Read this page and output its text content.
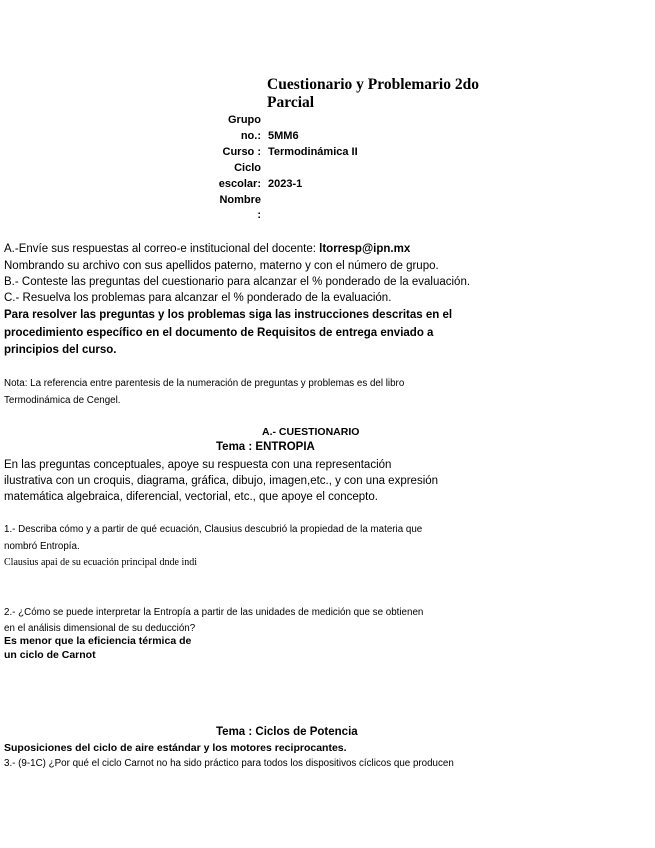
Cuestionario y Problemario 2do Parcial
Grupo
no.: 5MM6
Curso : Termodinámica II
Ciclo
escolar: 2023-1
Nombre
:
A.-Envíe sus respuestas al correo-e institucional del docente: ltorresp@ipn.mx
Nombrando su archivo con sus apellidos paterno, materno y con el número de grupo.
B.- Conteste las preguntas del cuestionario para alcanzar el % ponderado de la evaluación.
C.- Resuelva los problemas para alcanzar el % ponderado de la evaluación.
Para resolver las preguntas y los problemas siga las instrucciones descritas en el
procedimiento específico en el documento de Requisitos de entrega enviado a
principios del curso.
Nota: La referencia entre parentesis de la numeración de preguntas y problemas es del libro
Termodinámica de Cengel.
A.- CUESTIONARIO
Tema : ENTROPIA
En las preguntas conceptuales, apoye su respuesta con una representación
ilustrativa con un croquis, diagrama, gráfica, dibujo, imagen,etc., y con una expresión
matemática algebraica, diferencial, vectorial, etc., que apoye el concepto.
1.- Describa cómo y a partir de qué ecuación, Clausius descubrió la propiedad de la materia que
nombró Entropía.
Clausius apai de su ecuación principal dnde indi
2.- ¿Cómo se puede interpretar la Entropía a partir de las unidades de medición que se obtienen
en el análisis dimensional de su deducción?
Es menor que la eficiencia térmica de
un ciclo de Carnot
Tema : Ciclos de Potencia
Suposiciones del ciclo de aire estándar y los motores reciprocantes.
3.- (9-1C) ¿Por qué el ciclo Carnot no ha sido práctico para todos los dispositivos cíclicos que producen
